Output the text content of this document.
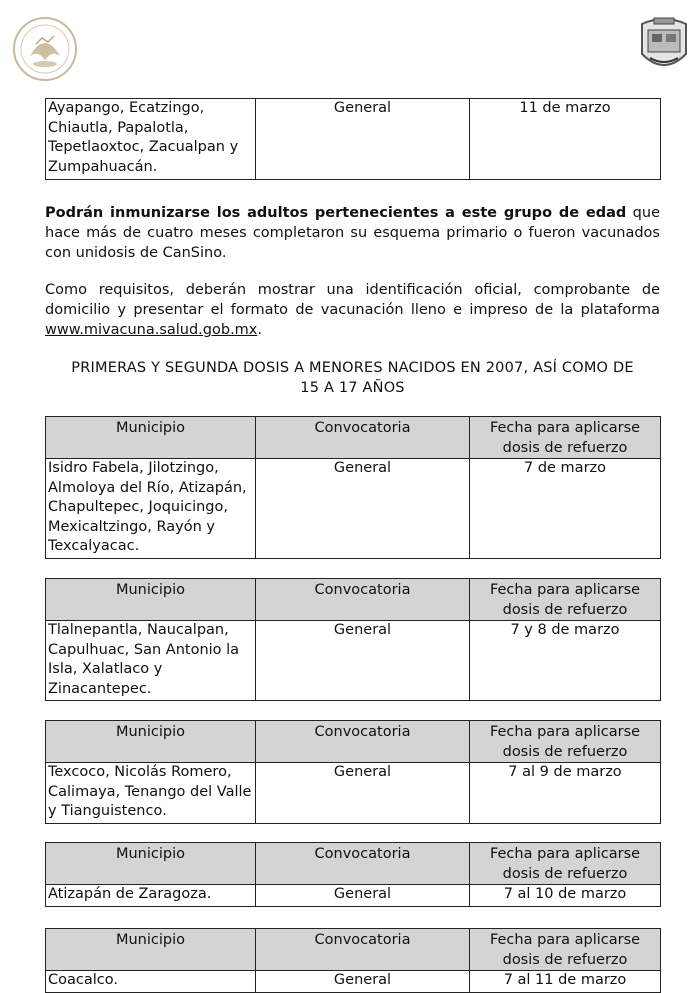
Ayapango, Ecatzingo,
Chiautla, Papalotla,
Tepetlaoxtoc, Zacualpan y
Zumpahuacán.
	General	11 de marzo

Podrán inmunizarse los adultos pertenecientes a este grupo de edad que hace más de cuatro meses completaron su esquema primario o fueron vacunados con unidosis de CanSino.

Como requisitos, deberán mostrar una identificación oficial, comprobante de domicilio y presentar el formato de vacunación lleno e impreso de la plataforma www.mivacuna.salud.gob.mx.

PRIMERAS Y SEGUNDA DOSIS A MENORES NACIDOS EN 2007, ASÍ COMO DE
15 A 17 AÑOS

Municipio	Convocatoria	Fecha para aplicarse
dosis de refuerzo

Isidro Fabela, Jilotzingo,
Almoloya del Río, Atizapán,
Chapultepec, Joquicingo,
Mexicaltzingo, Rayón y
Texcalyacac.	General	7 de marzo
Municipio	Convocatoria	Fecha para aplicarse
dosis de refuerzo

Tlalnepantla, Naucalpan,
Capulhuac, San Antonio la
Isla, Xalatlaco y
Zinacantepec.	General	7 y 8 de marzo
Municipio	Convocatoria	Fecha para aplicarse
dosis de refuerzo

Texcoco, Nicolás Romero,
Calimaya, Tenango del Valle
y Tianguistenco.	General	7 al 9 de marzo
Municipio	Convocatoria	Fecha para aplicarse
dosis de refuerzo

Atizapán de Zaragoza.	General	7 al 10 de marzo
Municipio	Convocatoria	Fecha para aplicarse
dosis de refuerzo

Coacalco.	General	7 al 11 de marzo
